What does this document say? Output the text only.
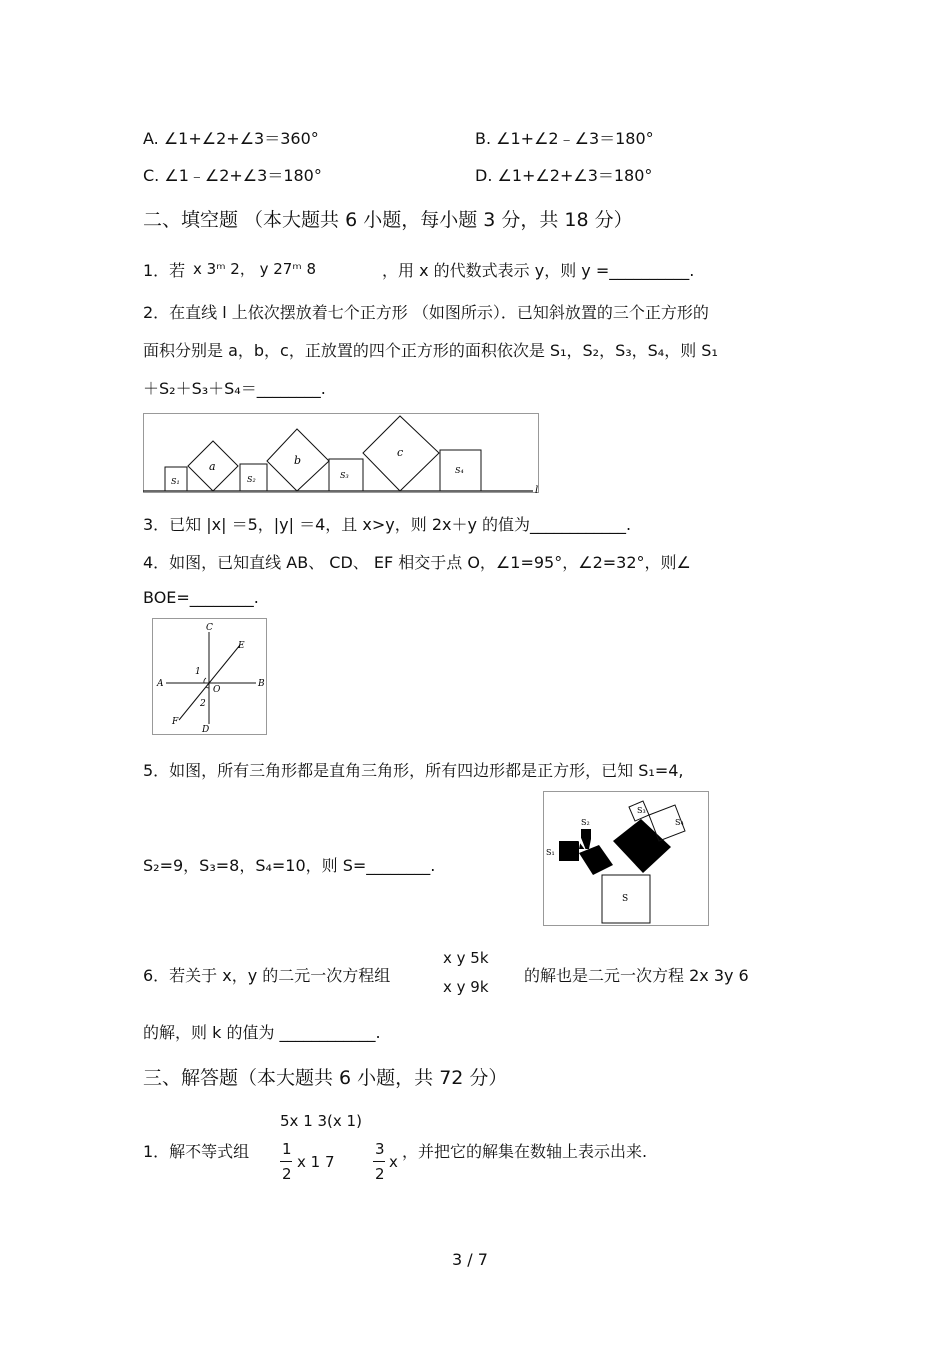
A. ∠1+∠2+∠3＝360°	B. ∠1+∠2﹣∠3＝180°
C. ∠1﹣∠2+∠3＝180°	D. ∠1+∠2+∠3＝180°
二、填空题 （本大题共 6 小题，每小题 3 分，共 18 分）
1．若 x 3ᵐ 2， y 27ᵐ 8	，用 x 的代数式表示 y，则 y =__________.
2．在直线 l 上依次摆放着七个正方形 （如图所示）．已知斜放置的三个正方形的
面积分别是 a，b，c，正放置的四个正方形的面积依次是 S₁，S₂，S₃，S₄，则 S₁
＋S₂＋S₃＋S₄＝________.
l
S₁
a
S₂
b
S₃
c
S₄
3．已知 |x| ＝5，|y| ＝4，且 x>y，则 2x＋y 的值为____________.
4．如图，已知直线 AB、 CD、 EF 相交于点 O，∠1=95°，∠2=32°，则∠
BOE=________.
A	B
C
D
E
F
O
1
2
5．如图，所有三角形都是直角三角形，所有四边形都是正方形，已知 S₁=4,
S₂=9，S₃=8，S₄=10，则 S=________.
S
S₁
S₂
S₃
S₄
6．若关于 x，y 的二元一次方程组
x y 5k
x y 9k
的解也是二元一次方程 2x 3y 6
的解，则 k 的值为 ____________.
三、解答题（本大题共 6 小题，共 72 分）
1．解不等式组
5x 1 3(x 1)
1
2
x 1 7
3
2
x
，并把它的解集在数轴上表示出来.
3 / 7
